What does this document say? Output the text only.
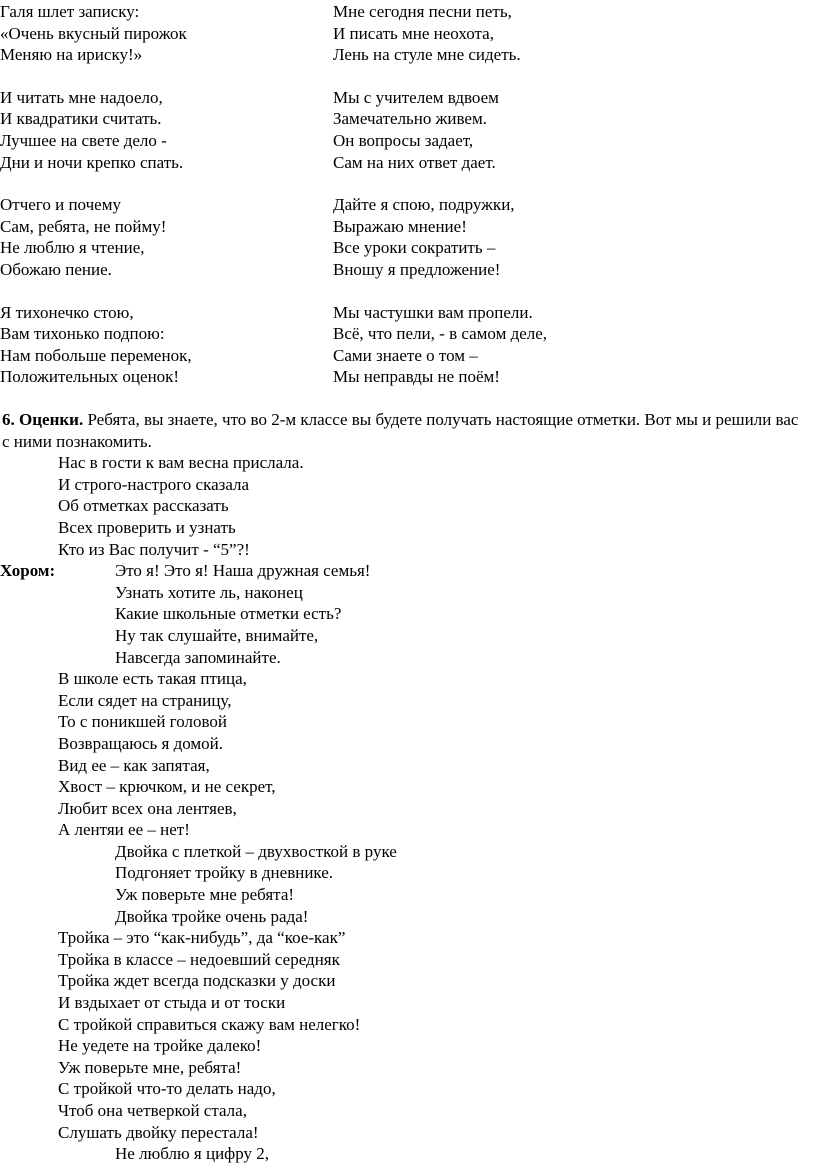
Галя шлет записку:
«Очень вкусный пирожок
Меняю на ириску!»
И читать мне надоело,
И квадратики считать.
Лучшее на свете дело -
Дни и ночи крепко спать.
Отчего и почему
Сам, ребята, не пойму!
Не люблю я чтение,
Обожаю пение.
Я тихонечко стою,
Вам тихонько подпою:
Нам побольше переменок,
Положительных оценок!
Мне сегодня песни петь,
И писать мне неохота,
Лень на стуле мне сидеть.
Мы с учителем вдвоем
Замечательно живем.
Он вопросы задает,
Сам на них ответ дает.
Дайте я спою, подружки,
Выражаю мнение!
Все уроки сократить –
Вношу я предложение!
Мы частушки вам пропели.
Всё, что пели, - в самом деле,
Сами знаете о том –
Мы неправды не поём!

6. Оценки. Ребята, вы знаете, что во 2-м классе вы будете получать настоящие отметки. Вот мы и решили вас с ними познакомить.

Нас в гости к вам весна прислала.
И строго-настрого сказала
Об отметках рассказать
Всех проверить и узнать
Кто из Вас получит - “5”?!
Хором:	Это я! Это я! Наша дружная семья!
Узнать хотите ль, наконец
Какие школьные отметки есть?
Ну так слушайте, внимайте,
Навсегда запоминайте.
В школе есть такая птица,
Если сядет на страницу,
То с поникшей головой
Возвращаюсь я домой.
Вид ее – как запятая,
Хвост – крючком, и не секрет,
Любит всех она лентяев,
А лентяи ее – нет!
Двойка с плеткой – двухвосткой в руке
Подгоняет тройку в дневнике.
Уж поверьте мне ребята!
Двойка тройке очень рада!
Тройка – это “как-нибудь”, да “кое-как”
Тройка в классе – недоевший середняк
Тройка ждет всегда подсказки у доски
И вздыхает от стыда и от тоски
С тройкой справиться скажу вам нелегко!
Не уедете на тройке далеко!
Уж поверьте мне, ребята!
С тройкой что-то делать надо,
Чтоб она четверкой стала,
Слушать двойку перестала!
Не люблю я цифру 2,
